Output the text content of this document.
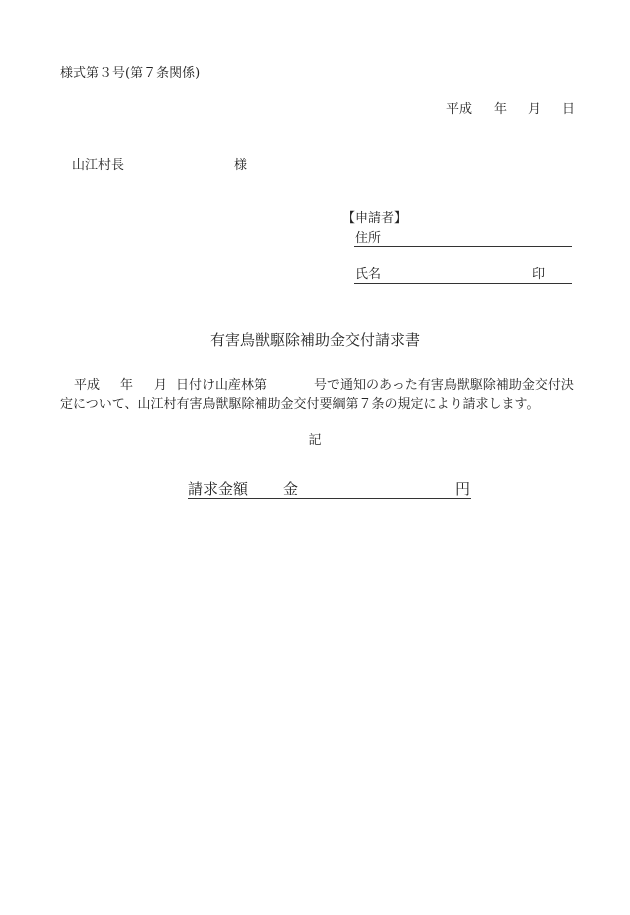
様式第３号(第７条関係)
平成 年 月 日
山江村長	様
【申請者】
住所
氏名	印
有害鳥獣駆除補助金交付請求書
平成 年 月 日付け山産林第	号で通知のあった有害鳥獣駆除補助金交付決
定について、山江村有害鳥獣駆除補助金交付要綱第７条の規定により請求します。
記
請求金額 金	円
